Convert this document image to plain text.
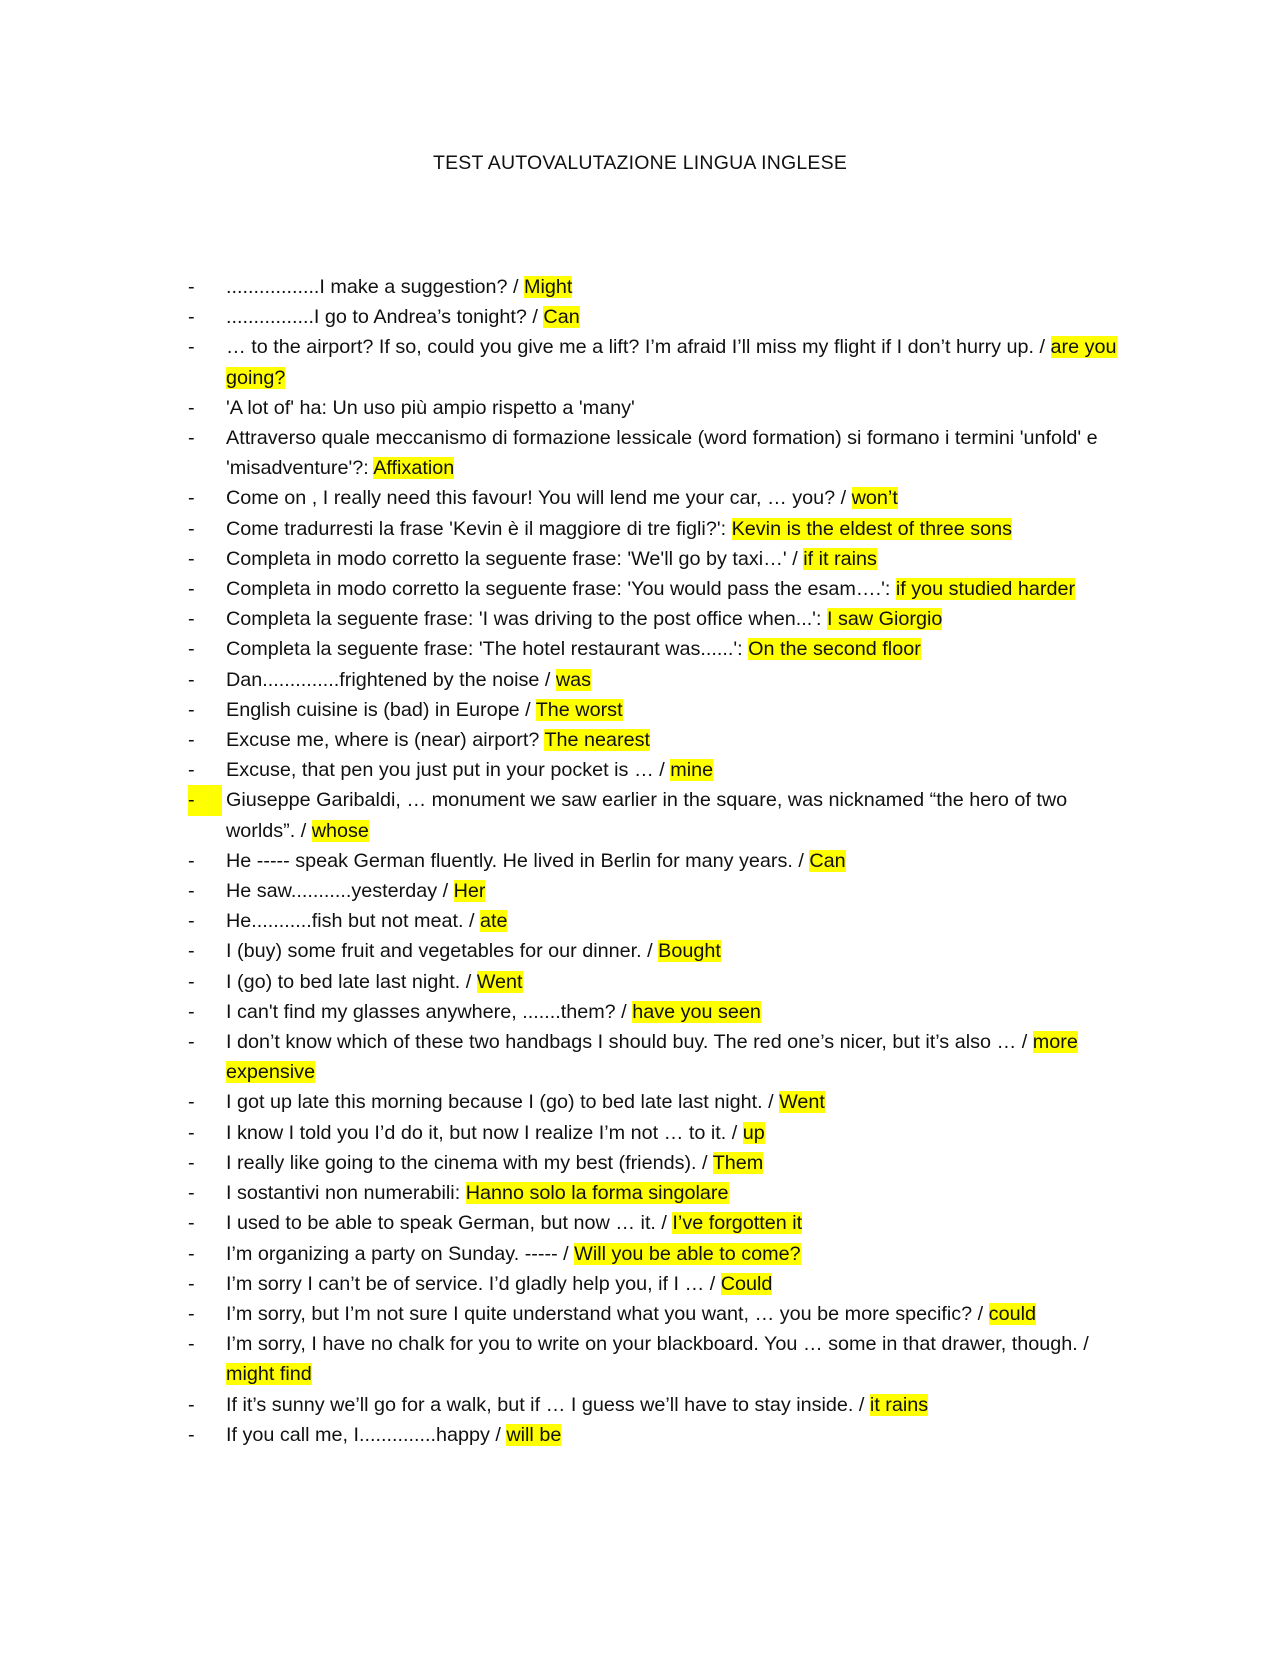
TEST AUTOVALUTAZIONE LINGUA INGLESE
-	.................I make a suggestion? / Might
-	................I go to Andrea’s tonight? / Can
-	… to the airport? If so, could you give me a lift? I’m afraid I’ll miss my flight if I don’t hurry up. / are you going?
-	'A lot of' ha: Un uso più ampio rispetto a 'many'
-	Attraverso quale meccanismo di formazione lessicale (word formation) si formano i termini 'unfold' e 'misadventure'?: Affixation
-	Come on , I really need this favour! You will lend me your car, … you? / won’t
-	Come tradurresti la frase 'Kevin è il maggiore di tre figli?': Kevin is the eldest of three sons
-	Completa in modo corretto la seguente frase: 'We'll go by taxi…' / if it rains
-	Completa in modo corretto la seguente frase: 'You would pass the esam….': if you studied harder
-	Completa la seguente frase: 'I was driving to the post office when...': I saw Giorgio
-	Completa la seguente frase: 'The hotel restaurant was......': On the second floor
-	Dan..............frightened by the noise / was
-	English cuisine is (bad) in Europe / The worst
-	Excuse me, where is (near) airport? The nearest
-	Excuse, that pen you just put in your pocket is … / mine
-	Giuseppe Garibaldi, … monument we saw earlier in the square, was nicknamed “the hero of two worlds”. / whose
-	He ----- speak German fluently. He lived in Berlin for many years. / Can
-	He saw...........yesterday / Her
-	He...........fish but not meat. / ate
-	I (buy) some fruit and vegetables for our dinner. / Bought
-	I (go) to bed late last night. / Went
-	I can't find my glasses anywhere, .......them? / have you seen
-	I don’t know which of these two handbags I should buy. The red one’s nicer, but it’s also … / more expensive
-	I got up late this morning because I (go) to bed late last night. / Went
-	I know I told you I’d do it, but now I realize I’m not … to it. / up
-	I really like going to the cinema with my best (friends). / Them
-	I sostantivi non numerabili: Hanno solo la forma singolare
-	I used to be able to speak German, but now … it. / I’ve forgotten it
-	I’m organizing a party on Sunday. ----- / Will you be able to come?
-	I’m sorry I can’t be of service. I’d gladly help you, if I … / Could
-	I’m sorry, but I’m not sure I quite understand what you want, … you be more specific? / could
-	I’m sorry, I have no chalk for you to write on your blackboard. You … some in that drawer, though. / might find
-	If it’s sunny we’ll go for a walk, but if … I guess we’ll have to stay inside. / it rains
-	If you call me, I..............happy / will be
